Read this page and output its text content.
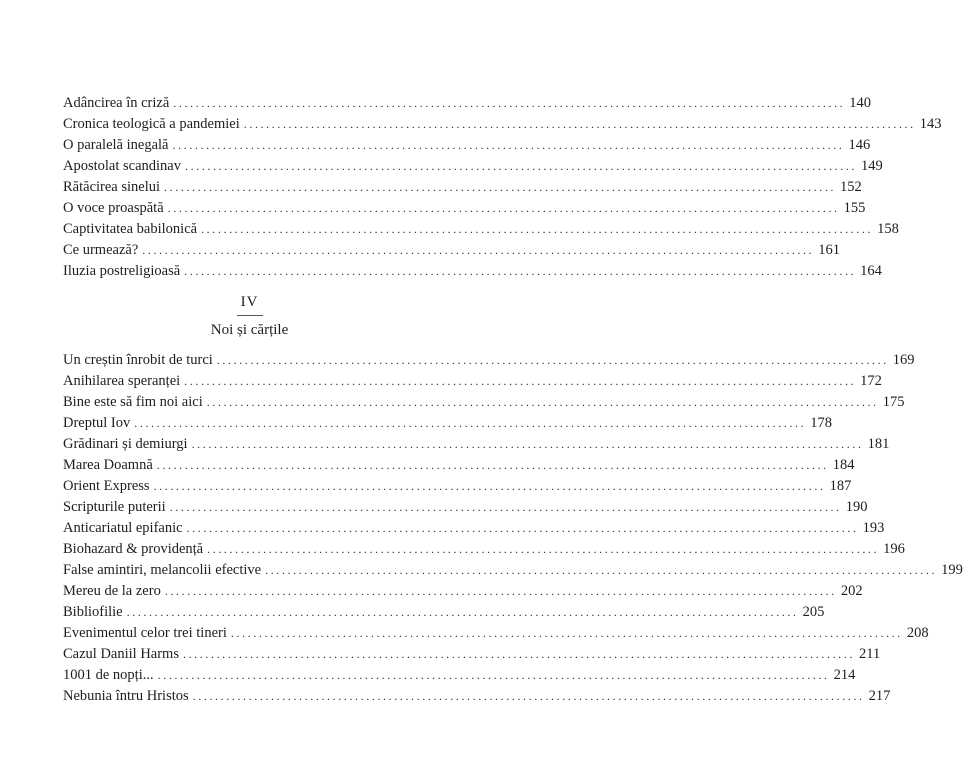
Adâncirea în criză ........................................................................................................................ 140
Cronica teologică a pandemiei ........................................................................................................................ 143
O paralelă inegală ........................................................................................................................ 146
Apostolat scandinav ........................................................................................................................ 149
Rătăcirea sinelui ........................................................................................................................ 152
O voce proaspătă ........................................................................................................................ 155
Captivitatea babilonică ........................................................................................................................ 158
Ce urmează? ........................................................................................................................ 161
Iluzia postreligioasă ........................................................................................................................ 164
IV
Noi și cărțile
Un creștin înrobit de turci ........................................................................................................................ 169
Anihilarea speranței ........................................................................................................................ 172
Bine este să fim noi aici ........................................................................................................................ 175
Dreptul Iov ........................................................................................................................ 178
Grădinari și demiurgi ........................................................................................................................ 181
Marea Doamnă ........................................................................................................................ 184
Orient Express ........................................................................................................................ 187
Scripturile puterii ........................................................................................................................ 190
Anticariatul epifanic ........................................................................................................................ 193
Biohazard & providență ........................................................................................................................ 196
False amintiri, melancolii efective ........................................................................................................................ 199
Mereu de la zero ........................................................................................................................ 202
Bibliofilie ........................................................................................................................ 205
Evenimentul celor trei tineri ........................................................................................................................ 208
Cazul Daniil Harms ........................................................................................................................ 211
1001 de nopți... ........................................................................................................................ 214
Nebunia întru Hristos ........................................................................................................................ 217
